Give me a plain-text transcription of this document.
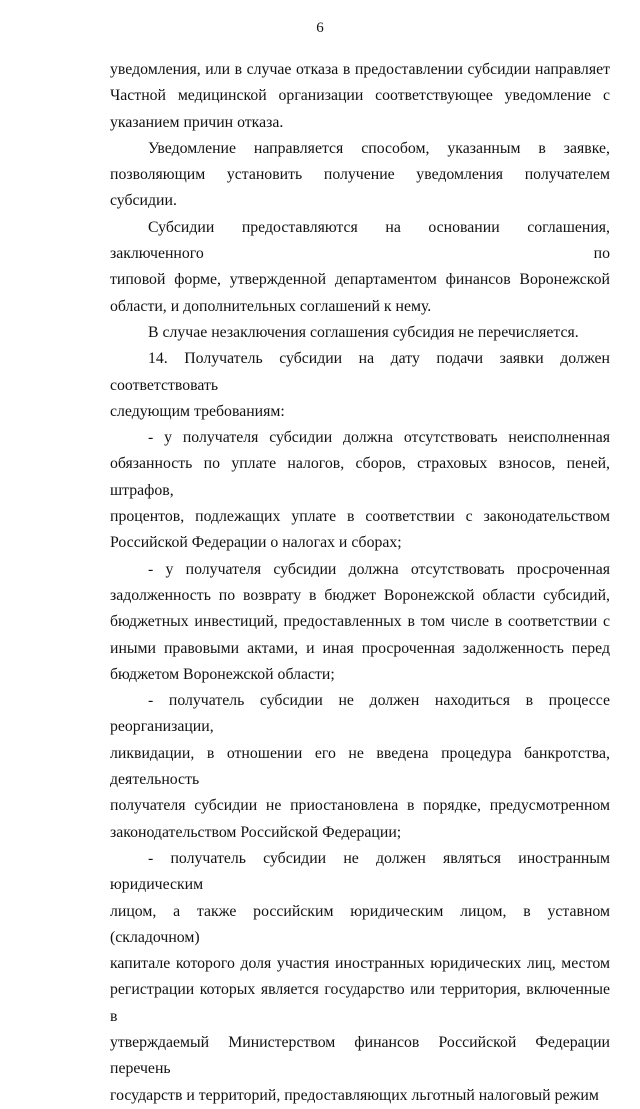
6
уведомления, или в случае отказа в предоставлении субсидии направляет
Частной медицинской организации соответствующее уведомление с
указанием причин отказа.
Уведомление направляется способом, указанным в заявке,
позволяющим установить получение уведомления получателем субсидии.
Субсидии предоставляются на основании соглашения, заключенного по
типовой форме, утвержденной департаментом финансов Воронежской
области, и дополнительных соглашений к нему.
В случае незаключения соглашения субсидия не перечисляется.
14. Получатель субсидии на дату подачи заявки должен соответствовать
следующим требованиям:
- у получателя субсидии должна отсутствовать неисполненная
обязанность по уплате налогов, сборов, страховых взносов, пеней, штрафов,
процентов, подлежащих уплате в соответствии с законодательством
Российской Федерации о налогах и сборах;
- у получателя субсидии должна отсутствовать просроченная
задолженность по возврату в бюджет Воронежской области субсидий,
бюджетных инвестиций, предоставленных в том числе в соответствии с
иными правовыми актами, и иная просроченная задолженность перед
бюджетом Воронежской области;
- получатель субсидии не должен находиться в процессе реорганизации,
ликвидации, в отношении его не введена процедура банкротства, деятельность
получателя субсидии не приостановлена в порядке, предусмотренном
законодательством Российской Федерации;
- получатель субсидии не должен являться иностранным юридическим
лицом, а также российским юридическим лицом, в уставном (складочном)
капитале которого доля участия иностранных юридических лиц, местом
регистрации которых является государство или территория, включенные в
утверждаемый Министерством финансов Российской Федерации перечень
государств и территорий, предоставляющих льготный налоговый режим
